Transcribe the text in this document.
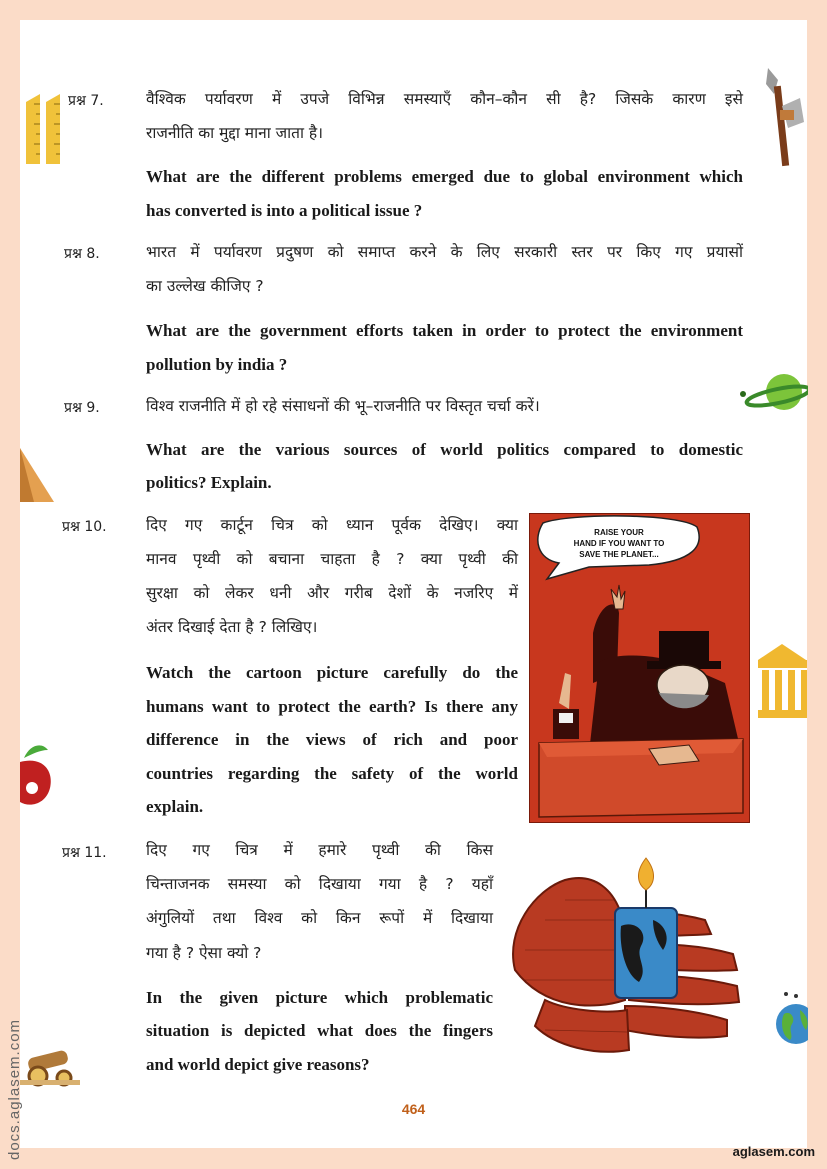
प्रश्न 7.	वैश्विक पर्यावरण में उपजे विभिन्न समस्याएँ कौन–कौन सी है? जिसके कारण इसे
राजनीति का मुद्दा माना जाता है।
What are the different problems emerged due to global environment which
has converted is into a political issue ?
प्रश्न 8.	भारत में पर्यावरण प्रदुषण को समाप्त करने के लिए सरकारी स्तर पर किए गए प्रयासों
का उल्लेख कीजिए ?
What are the government efforts taken in order to protect the environment
pollution by india ?
प्रश्न 9.	विश्व राजनीति में हो रहे संसाधनों की भू–राजनीति पर विस्तृत चर्चा करें।
What are the various sources of world politics compared to domestic
politics? Explain.
प्रश्न 10.	दिए गए कार्टून चित्र को ध्यान पूर्वक देखिए। क्या
मानव पृथ्वी को बचाना चाहता है ? क्या पृथ्वी की
सुरक्षा को लेकर धनी और गरीब देशों के नजरिए में
अंतर दिखाई देता है ? लिखिए।
Watch the cartoon picture carefully do the
humans want to protect the earth? Is there any
difference in the views of rich and poor
countries regarding the safety of the world
explain.
RAISE YOUR
HAND IF YOU WANT TO
SAVE THE PLANET...
प्रश्न 11.	दिए गए चित्र में हमारे पृथ्वी की किस
चिन्ताजनक समस्या को दिखाया गया है ? यहाँ
अंगुलियों तथा विश्व को किन रूपों में दिखाया
गया है ? ऐसा क्यो ?
In the given picture which problematic
situation is depicted what does the fingers
and world depict give reasons?
464
aglasem.com
docs.aglasem.com
